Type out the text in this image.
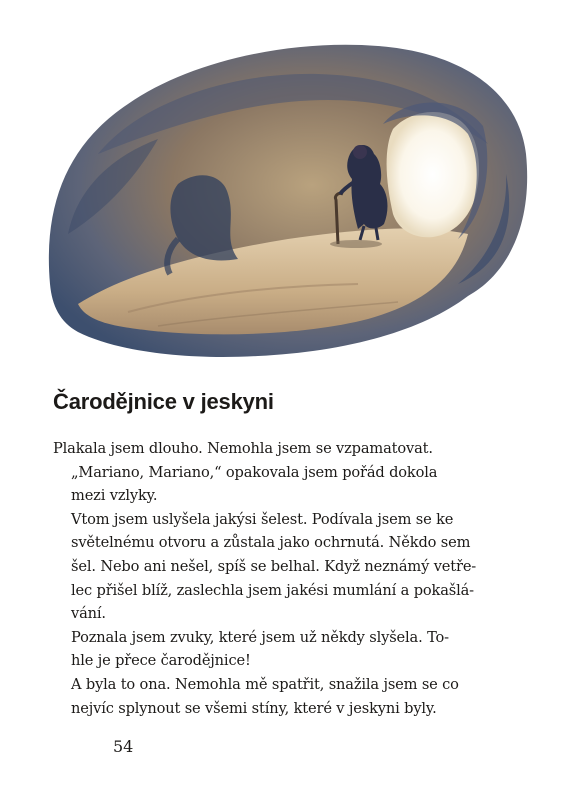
Čarodějnice v jeskyni

Plakala jsem dlouho. Nemohla jsem se vzpamatovat.

„Mariano, Mariano,“ opakovala jsem pořád dokola
mezi vzlyky.

Vtom jsem uslyšela jakýsi šelest. Podívala jsem se ke
světelnému otvoru a zůstala jako ochrnutá. Někdo sem
šel. Nebo ani nešel, spíš se belhal. Když neznámý vetře-
lec přišel blíž, zaslechla jsem jakési mumlání a pokašlá-
vání.

Poznala jsem zvuky, které jsem už někdy slyšela. To-
hle je přece čarodějnice!

A byla to ona. Nemohla mě spatřit, snažila jsem se co
nejvíc splynout se všemi stíny, které v jeskyni byly.

54
